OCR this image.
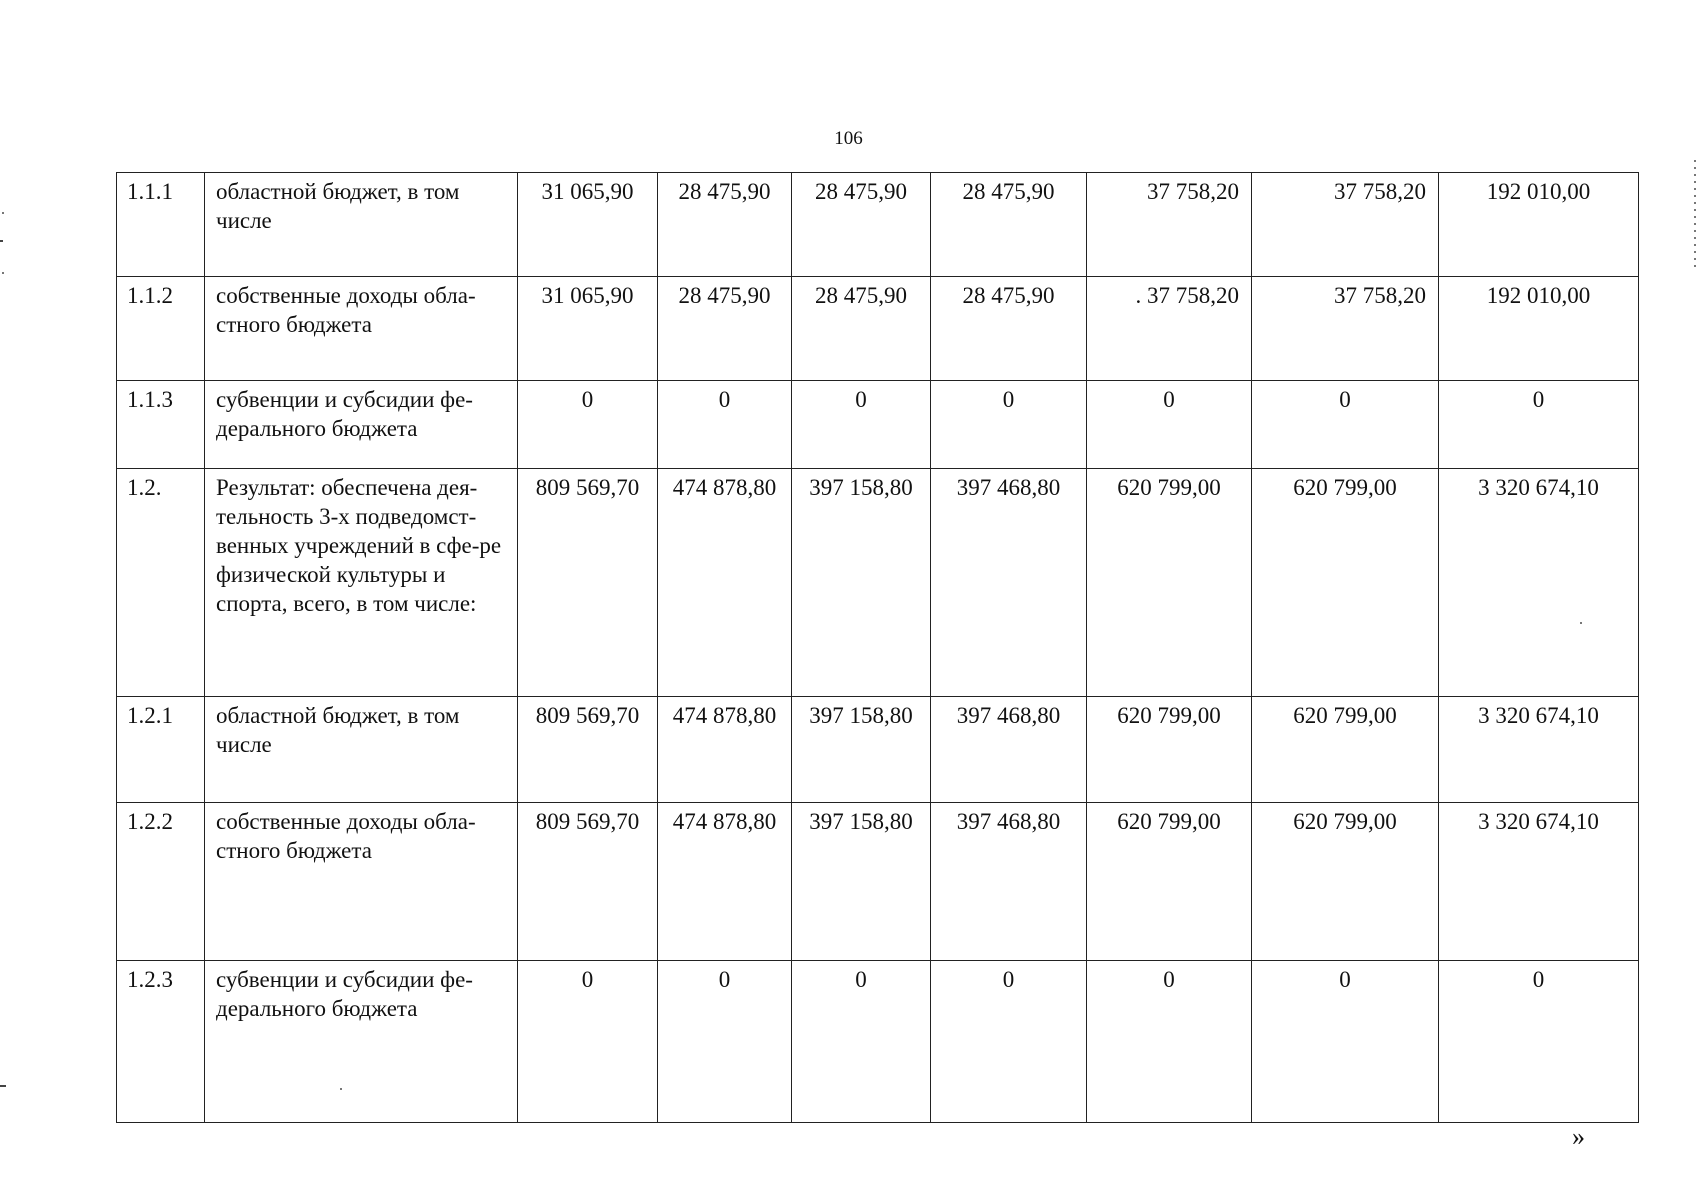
106
1.1.1	областной бюджет, в том числе	31 065,90	28 475,90	28 475,90	28 475,90	37 758,20	37 758,20	192 010,00
1.1.2	собственные доходы обла-стного бюджета	31 065,90	28 475,90	28 475,90	28 475,90	. 37 758,20	37 758,20	192 010,00
1.1.3	субвенции и субсидии фе-дерального бюджета	0	0	0	0	0	0	0
1.2.	Результат: обеспечена дея-тельность 3-х подведомст-венных учреждений в сфе-ре физической культуры и спорта, всего, в том числе:	809 569,70	474 878,80	397 158,80	397 468,80	620 799,00	620 799,00	3 320 674,10
1.2.1	областной бюджет, в том числе	809 569,70	474 878,80	397 158,80	397 468,80	620 799,00	620 799,00	3 320 674,10
1.2.2	собственные доходы обла-стного бюджета	809 569,70	474 878,80	397 158,80	397 468,80	620 799,00	620 799,00	3 320 674,10
1.2.3	субвенции и субсидии фе-дерального бюджета	0	0	0	0	0	0	0
»
